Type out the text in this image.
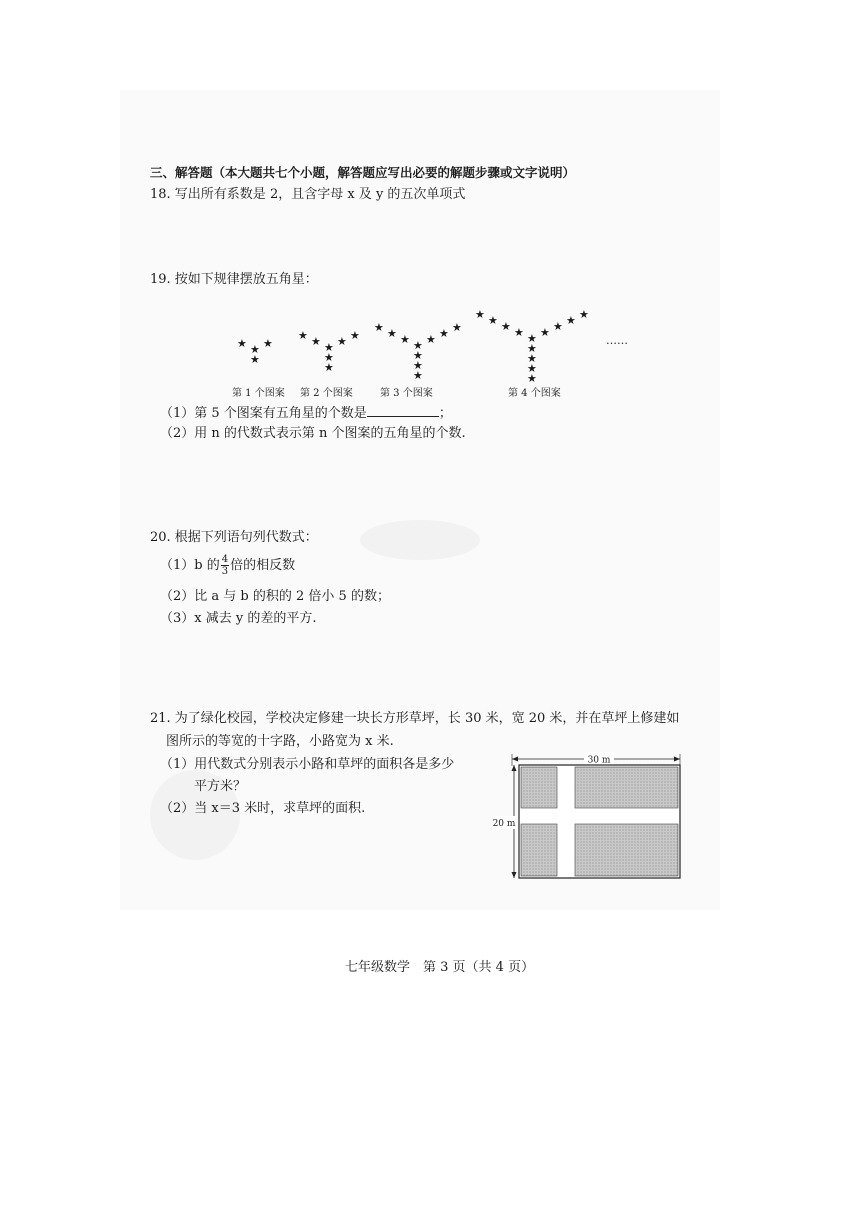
三、解答题（本大题共七个小题，解答题应写出必要的解题步骤或文字说明）
18. 写出所有系数是 2，且含字母 x 及 y 的五次单项式
19. 按如下规律摆放五角星：
★
★ ★
★
★
★ ★
★
★	★
★
★
★ ★
★
★	★
★
★	★
★
★
★ ★
★
★	★
★
★	★
★
★	★
★
……
第 1 个图案 第 2 个图案	第 3 个图案	第 4 个图案
（1）第 5 个图案有五角星的个数是	；
（2）用 n 的代数式表示第 n 个图案的五角星的个数.
20. 根据下列语句列代数式：
（1）b 的 $\frac{4}{3}$ 倍的相反数
（2）比 a 与 b 的积的 2 倍小 5 的数；
（3）x 减去 y 的差的平方.
21. 为了绿化校园，学校决定修建一块长方形草坪，长 30 米，宽 20 米，并在草坪上修建如
图所示的等宽的十字路，小路宽为 x 米.
（1）用代数式分别表示小路和草坪的面积各是多少
平方米？
（2）当 x＝3 米时，求草坪的面积.
30 m
20 m
七年级数学　第 3 页（共 4 页）
